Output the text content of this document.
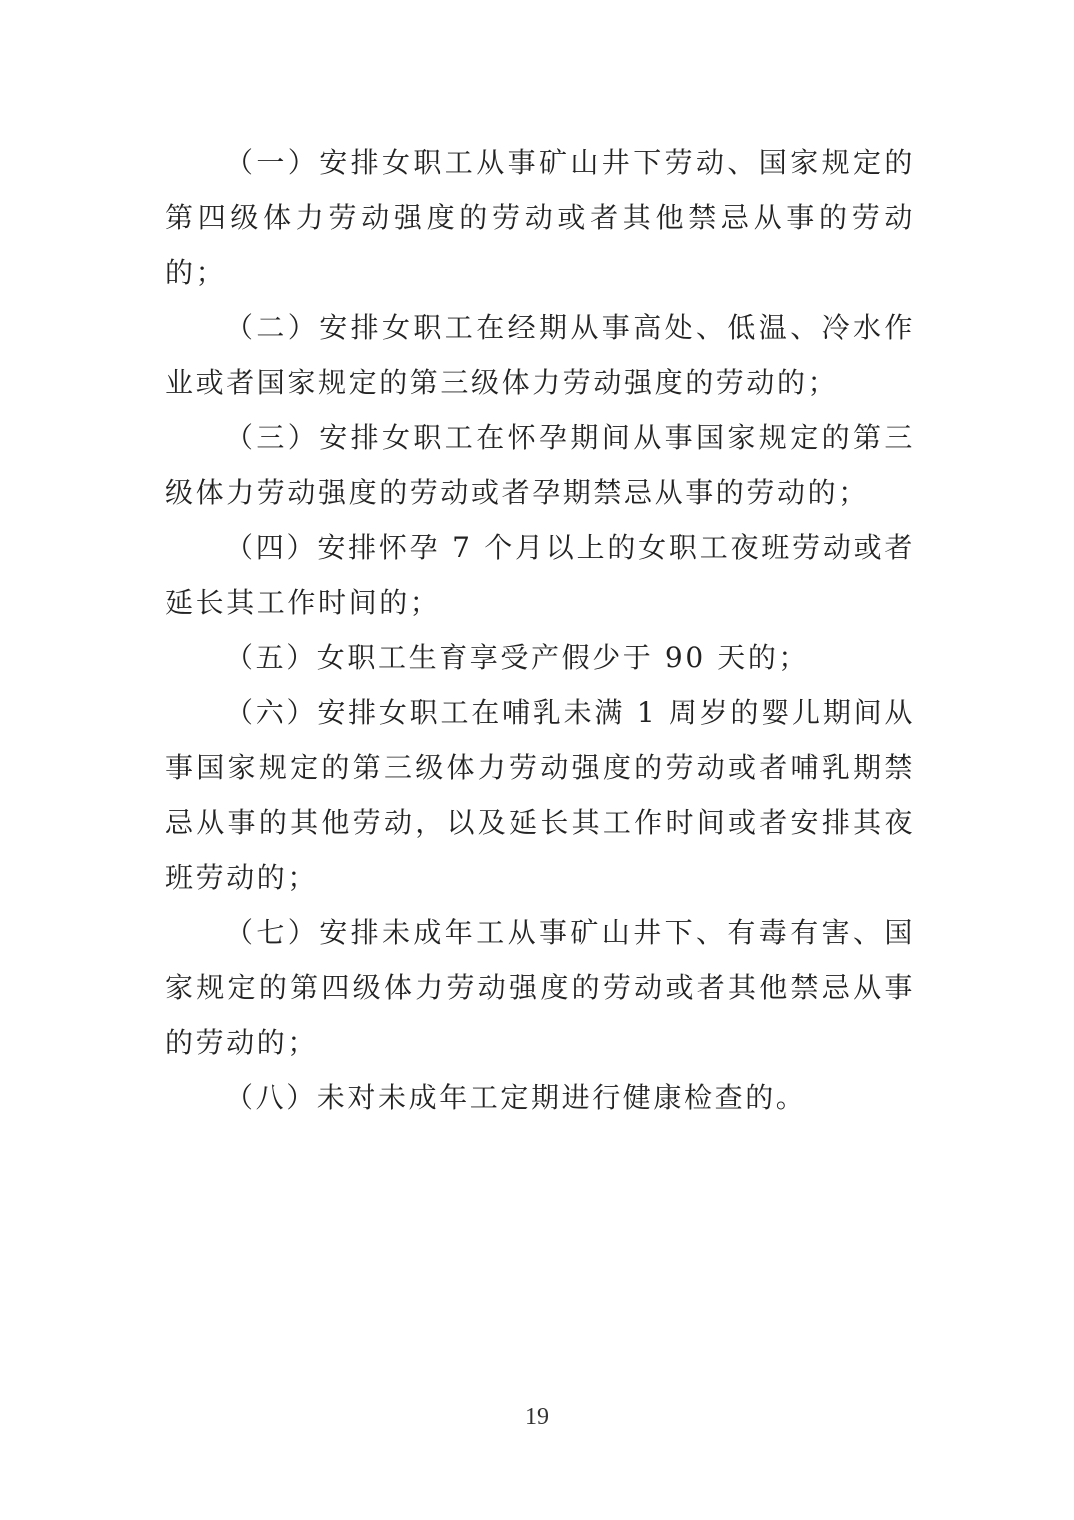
（一）安排女职工从事矿山井下劳动、国家规定的第四级体力劳动强度的劳动或者其他禁忌从事的劳动的；

（二）安排女职工在经期从事高处、低温、冷水作业或者国家规定的第三级体力劳动强度的劳动的；

（三）安排女职工在怀孕期间从事国家规定的第三级体力劳动强度的劳动或者孕期禁忌从事的劳动的；

（四）安排怀孕 7 个月以上的女职工夜班劳动或者延长其工作时间的；

（五）女职工生育享受产假少于 90 天的；

（六）安排女职工在哺乳未满 1 周岁的婴儿期间从事国家规定的第三级体力劳动强度的劳动或者哺乳期禁忌从事的其他劳动，以及延长其工作时间或者安排其夜班劳动的；

（七）安排未成年工从事矿山井下、有毒有害、国家规定的第四级体力劳动强度的劳动或者其他禁忌从事的劳动的；

（八）未对未成年工定期进行健康检查的。

19
